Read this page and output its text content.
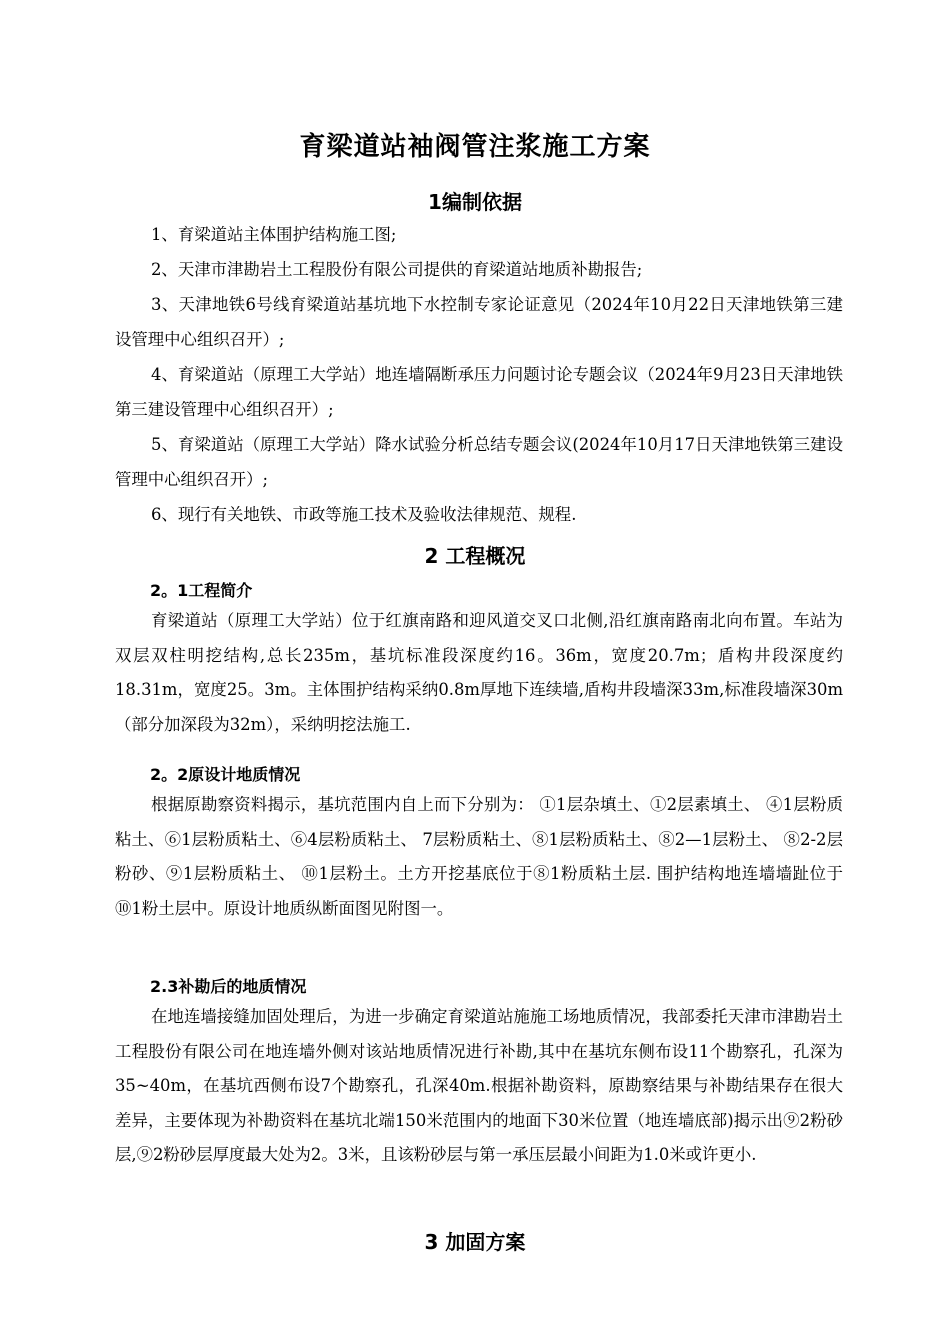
育梁道站袖阀管注浆施工方案
1编制依据

1、育梁道站主体围护结构施工图;

2、天津市津勘岩土工程股份有限公司提供的育梁道站地质补勘报告;

3、天津地铁6号线育梁道站基坑地下水控制专家论证意见（2024年10月22日天津地铁第三建设管理中心组织召开）;

4、育梁道站（原理工大学站）地连墙隔断承压力问题讨论专题会议（2024年9月23日天津地铁第三建设管理中心组织召开）;

5、育梁道站（原理工大学站）降水试验分析总结专题会议(2024年10月17日天津地铁第三建设管理中心组织召开）;

6、现行有关地铁、市政等施工技术及验收法律规范、规程.

2 工程概况
2。1工程简介

育梁道站（原理工大学站）位于红旗南路和迎风道交叉口北侧,沿红旗南路南北向布置。车站为双层双柱明挖结构,总长235m，基坑标准段深度约16。36m，宽度20.7m；盾构井段深度约18.31m，宽度25。3m。主体围护结构采纳0.8m厚地下连续墙,盾构井段墙深33m,标准段墙深30m（部分加深段为32m），采纳明挖法施工.

2。2原设计地质情况

根据原勘察资料揭示，基坑范围内自上而下分别为： ①1层杂填土、①2层素填土、 ④1层粉质粘土、⑥1层粉质粘土、⑥4层粉质粘土、 7层粉质粘土、⑧1层粉质粘土、⑧2—1层粉土、 ⑧2-2层粉砂、⑨1层粉质粘土、 ⑩1层粉土。土方开挖基底位于⑧1粉质粘土层. 围护结构地连墙墙趾位于⑩1粉土层中。原设计地质纵断面图见附图一。

2.3补勘后的地质情况

在地连墙接缝加固处理后，为进一步确定育梁道站施施工场地质情况，我部委托天津市津勘岩土工程股份有限公司在地连墙外侧对该站地质情况进行补勘,其中在基坑东侧布设11个勘察孔，孔深为35~40m，在基坑西侧布设7个勘察孔，孔深40m.根据补勘资料，原勘察结果与补勘结果存在很大差异，主要体现为补勘资料在基坑北端150米范围内的地面下30米位置（地连墙底部)揭示出⑨2粉砂层,⑨2粉砂层厚度最大处为2。3米，且该粉砂层与第一承压层最小间距为1.0米或许更小.

3 加固方案
